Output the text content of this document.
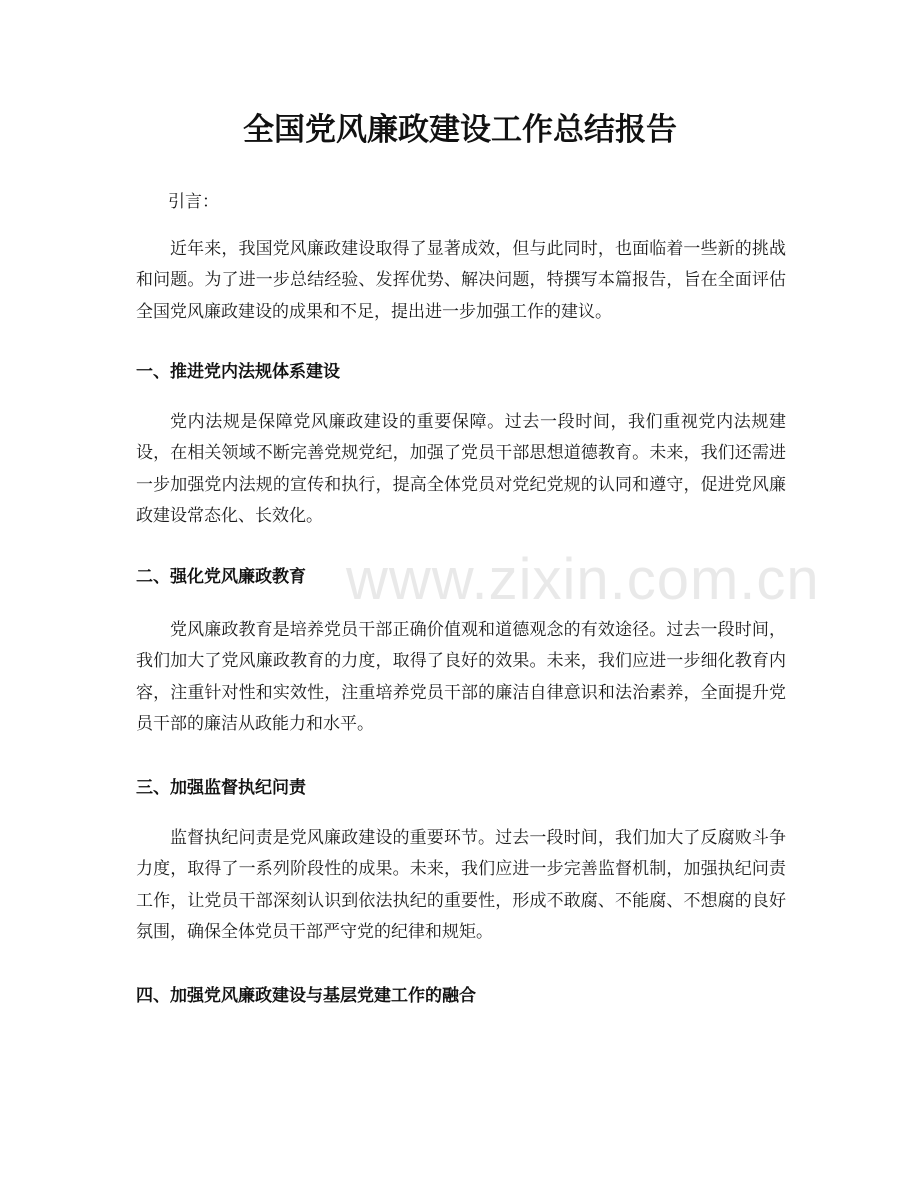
全国党风廉政建设工作总结报告

引言：

近年来，我国党风廉政建设取得了显著成效，但与此同时，也面临着一些新的挑战和问题。为了进一步总结经验、发挥优势、解决问题，特撰写本篇报告，旨在全面评估全国党风廉政建设的成果和不足，提出进一步加强工作的建议。

一、推进党内法规体系建设

党内法规是保障党风廉政建设的重要保障。过去一段时间，我们重视党内法规建设，在相关领域不断完善党规党纪，加强了党员干部思想道德教育。未来，我们还需进一步加强党内法规的宣传和执行，提高全体党员对党纪党规的认同和遵守，促进党风廉政建设常态化、长效化。

二、强化党风廉政教育

党风廉政教育是培养党员干部正确价值观和道德观念的有效途径。过去一段时间，我们加大了党风廉政教育的力度，取得了良好的效果。未来，我们应进一步细化教育内容，注重针对性和实效性，注重培养党员干部的廉洁自律意识和法治素养，全面提升党员干部的廉洁从政能力和水平。

三、加强监督执纪问责

监督执纪问责是党风廉政建设的重要环节。过去一段时间，我们加大了反腐败斗争力度，取得了一系列阶段性的成果。未来，我们应进一步完善监督机制，加强执纪问责工作，让党员干部深刻认识到依法执纪的重要性，形成不敢腐、不能腐、不想腐的良好氛围，确保全体党员干部严守党的纪律和规矩。

四、加强党风廉政建设与基层党建工作的融合
www.zixin.com.cn
